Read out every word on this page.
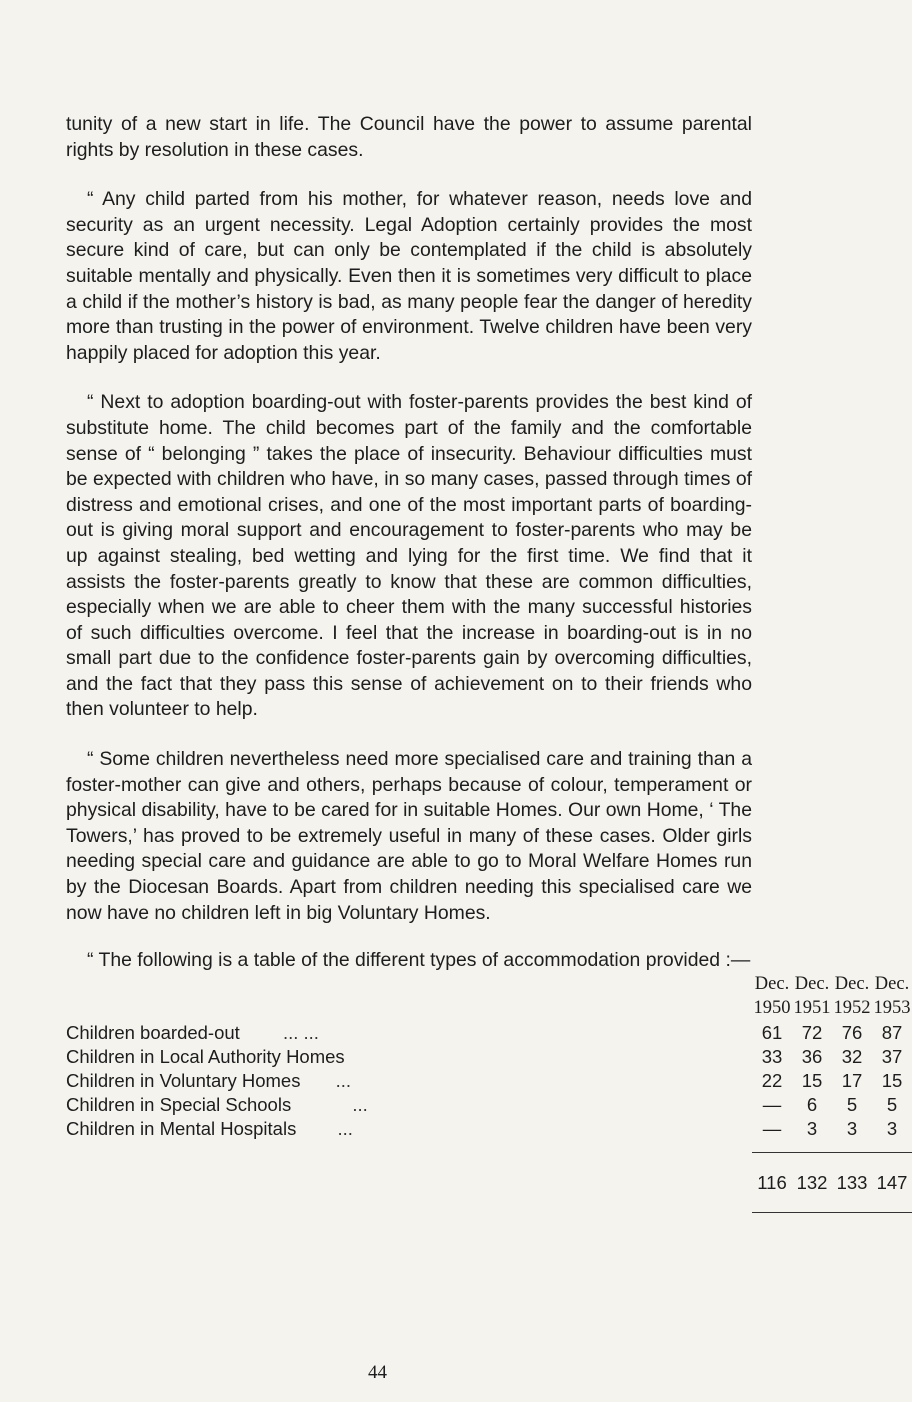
tunity of a new start in life. The Council have the power to assume parental rights by resolution in these cases.

“ Any child parted from his mother, for whatever reason, needs love and security as an urgent necessity. Legal Adoption certainly provides the most secure kind of care, but can only be contemplated if the child is absolutely suitable mentally and physically. Even then it is sometimes very difficult to place a child if the mother’s history is bad, as many people fear the danger of heredity more than trusting in the power of environment. Twelve children have been very happily placed for adoption this year.

“ Next to adoption boarding-out with foster-parents provides the best kind of substitute home. The child becomes part of the family and the comfortable sense of “ belonging ” takes the place of insecurity. Behaviour difficulties must be expected with children who have, in so many cases, passed through times of distress and emotional crises, and one of the most important parts of boarding-out is giving moral support and encouragement to foster-parents who may be up against stealing, bed wetting and lying for the first time. We find that it assists the foster-parents greatly to know that these are common difficulties, especially when we are able to cheer them with the many successful histories of such difficulties overcome. I feel that the increase in boarding-out is in no small part due to the confidence foster-parents gain by overcoming difficulties, and the fact that they pass this sense of achievement on to their friends who then volunteer to help.

“ Some children nevertheless need more specialised care and training than a foster-mother can give and others, perhaps because of colour, temperament or physical disability, have to be cared for in suitable Homes. Our own Home, ‘ The Towers,’ has proved to be extremely useful in many of these cases. Older girls needing special care and guidance are able to go to Moral Welfare Homes run by the Diocesan Boards. Apart from children needing this specialised care we now have no children left in big Voluntary Homes.

“ The following is a table of the different types of accommodation provided :—	Dec.	Dec.	Dec.	Dec.
	1950	1951	1952	1953
Children boarded-out ... ...	61	72	76	87
Children in Local Authority Homes	33	36	32	37
Children in Voluntary Homes ...	22	15	17	15
Children in Special Schools ...	—	6	5	5
Children in Mental Hospitals ...	—	3	3	3

	116	132	133	147

44
